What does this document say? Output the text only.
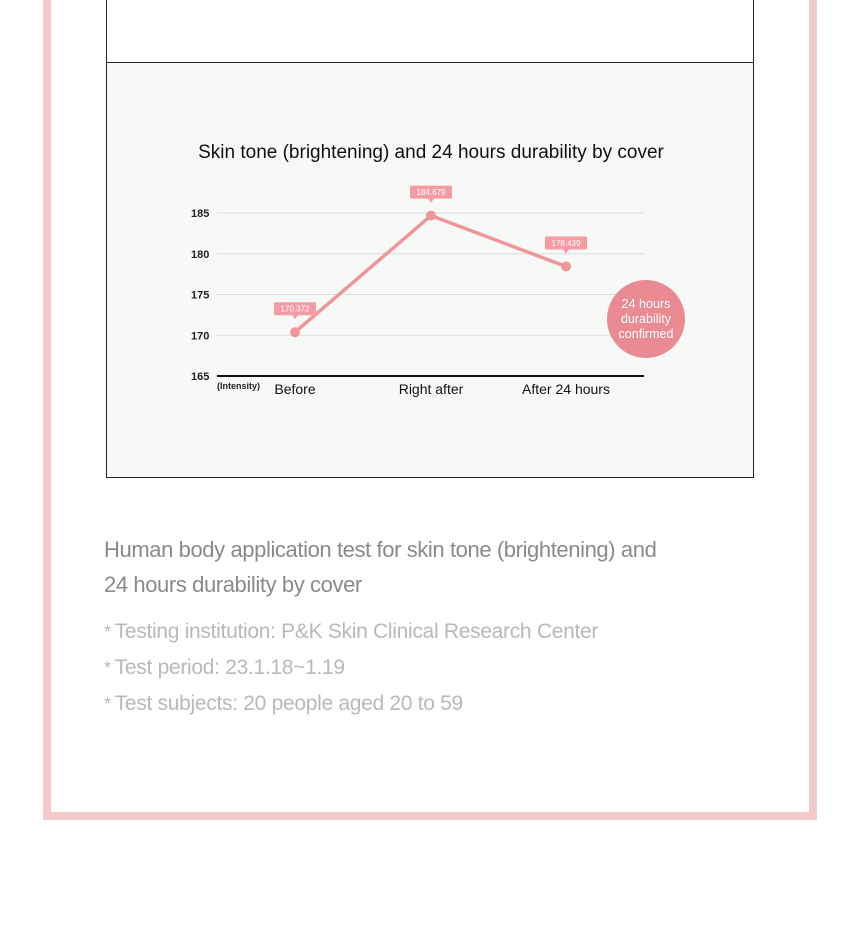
Skin tone (brightening) and 24 hours durability by cover
185
180
175
170
165
(Intensity) Before	Right after	After 24 hours
170.372
184.679
178.439
24 hours
durability
confirmed
Human body application test for skin tone (brightening) and
24 hours durability by cover
* Testing institution: P&K Skin Clinical Research Center
* Test period: 23.1.18~1.19
* Test subjects: 20 people aged 20 to 59
